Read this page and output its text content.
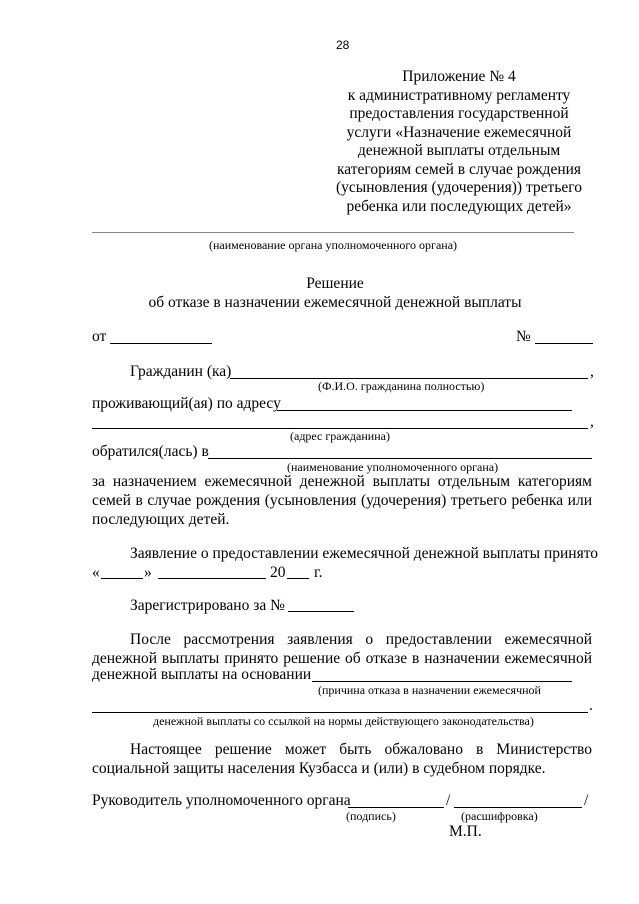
28
Приложение № 4
к административному регламенту
предоставления государственной
услуги «Назначение ежемесячной
денежной выплаты отдельным
категориям семей в случае рождения
(усыновления (удочерения)) третьего
ребенка или последующих детей»
(наименование органа уполномоченного органа)
Решение
об отказе в назначении ежемесячной денежной выплаты
от	№
Гражданин (ка)	,
(Ф.И.О. гражданина полностью)
проживающий(ая) по адресу
,
(адрес гражданина)
обратился(лась) в
(наименование уполномоченного органа)
за назначением ежемесячной денежной выплаты отдельным категориям
семей в случае рождения (усыновления (удочерения) третьего ребенка или
последующих детей.
Заявление о предоставлении ежемесячной денежной выплаты принято
«	»	20 г.
Зарегистрировано за №
После рассмотрения заявления о предоставлении ежемесячной
денежной выплаты принято решение об отказе в назначении ежемесячной
денежной выплаты на основании
(причина отказа в назначении ежемесячной
.
денежной выплаты со ссылкой на нормы действующего законодательства)
Настоящее решение может быть обжаловано в Министерство
социальной защиты населения Кузбасса и (или) в судебном порядке.
Руководитель уполномоченного органа	/	/
(подпись)	(расшифровка)
М.П.
